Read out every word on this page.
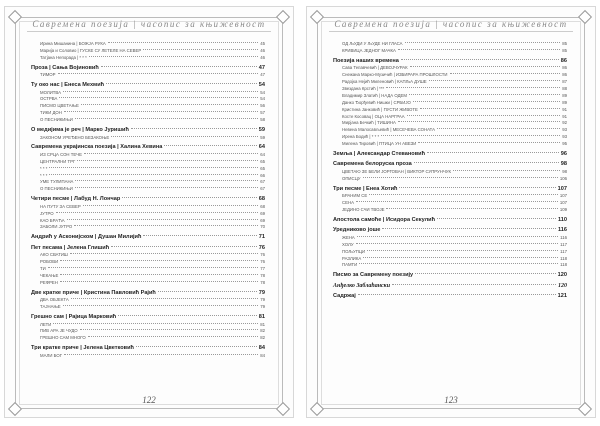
Савремена поезија | часопис за књижевност
Ирина Мишанина | БОЖЈА РУКА	45
Марија и Соловио | ГУСКЕ СУ ЛЕТЕЛЕ НА СЕВЕР	46
Татјана Непорада | * * *	46
Проза | Сања Војиновић	47
ТИМОР	47
Ту око нас | Енеса Мехмић	54
МОЛИТВА	54
ОСТРВА	54
ПИСМО ЦВЕТАЊЕ	56
ТИКИ ДОН	57
О ПЕСНИКИЊИ	58
О медијима је реч | Марко Јуришић	59
ЗАКОНОМ УРЕЂЕНО БЕЗАКОЊЕ	59
Савремена украјинска поезија | Халина Хевина	64
ИЗ СРЦА СОН ТЕЧЕ	64
ЦЕНТРАЛНИ ТРГ	65
* * *	65
* * *	66
УМЕ ТУЛИПАНА	67
О ПЕСНИКИЊИ	67
Четири песме | Лабуд Н. Лончар	68
НА ПУТУ ЗА СЕВЕР	68
ЈУТРО	69
КАО БРАЋА	69
ЗАБОЛИ ЈУТРО	70
Андрић у Асконијском | Душан Милијић	71
Пет песама | Јелена Глишић	76
АКО СВАТИШ	76
РОБОВИ	76
ТИ	77
ЧЕКАЊЕ	78
РЕФРЕН	78
Две кратке приче | Кристина Павловић Рајић	79
ДВА ОБЈЕКТА	79
ТАЈНАЊЕ	79
Грешно сам | Рајица Марковић	81
ЛЕТИ	81
ПИВ АРА ЈЕ ЧУДО	82
ГРЕШНО САМ МНОГО	82
Три кратке приче | Јелена Цветковић	84
МАЛИ БОГ	84
122
Савремена поезија | часопис за књижевност
ОД ЉУДИ У ЉУДЕ НИ ГЛАСА	85
КРИВИЦА ЈЕДНОГ МАЧКА	85
Поезија наших времена	86
Сава Тепавчевић | ДЕВОЈЧУРАК	86
Снежана Марко-Музичић | ИЗБИРАРА ПРОШЛОСТИ	86
Радојка Нејић Миленовић | КАПЉА ДУШЕ	87
Звездана Крстић | ***	88
Владимир Златић | НАДА ОДЕМ	89
Данко Ђорђевић Нишки | СРБИЈО	89
Кристина Јанковић | ПУСТИ ЖИВОТЕ	91
Косте Косовац | ОЦА НАРГРАА	91
Мирјана Бечкић | ТИШИНА	92
Невена Малосављевић | МЕСЕЧЕВА СОНАТА	93
Ирена Бодић | * * *	93
Милена Тировић | ПТИЦА УН АВЕЗИ	95
Земља | Александар Стевановић	96
Савремена белоруска проза	98
ЦВЕТАЮ ЗЕ БЕЛИ ЈОРГОВАН | ВИКТОР СУПРУНЧУК	98
ОПИСЦУ	106
Три песме | Енеа Хотић	107
БРАНИМ СЕ	107
СЕНА	107
ЈЕДИНО СЧИ ТВОЈЕ	109
Апостола самоће | Исидора Секулић	110
Уредниково јоше	116
ЖЕНА	116
ХОЛУ	117
ПОЉУПЦИ	117
РАЗЛИКА	118
ПАМТИ	118
Писмо за Савремену поезију	120
Анђелко Заблаћански	120
Садржај	121
123
